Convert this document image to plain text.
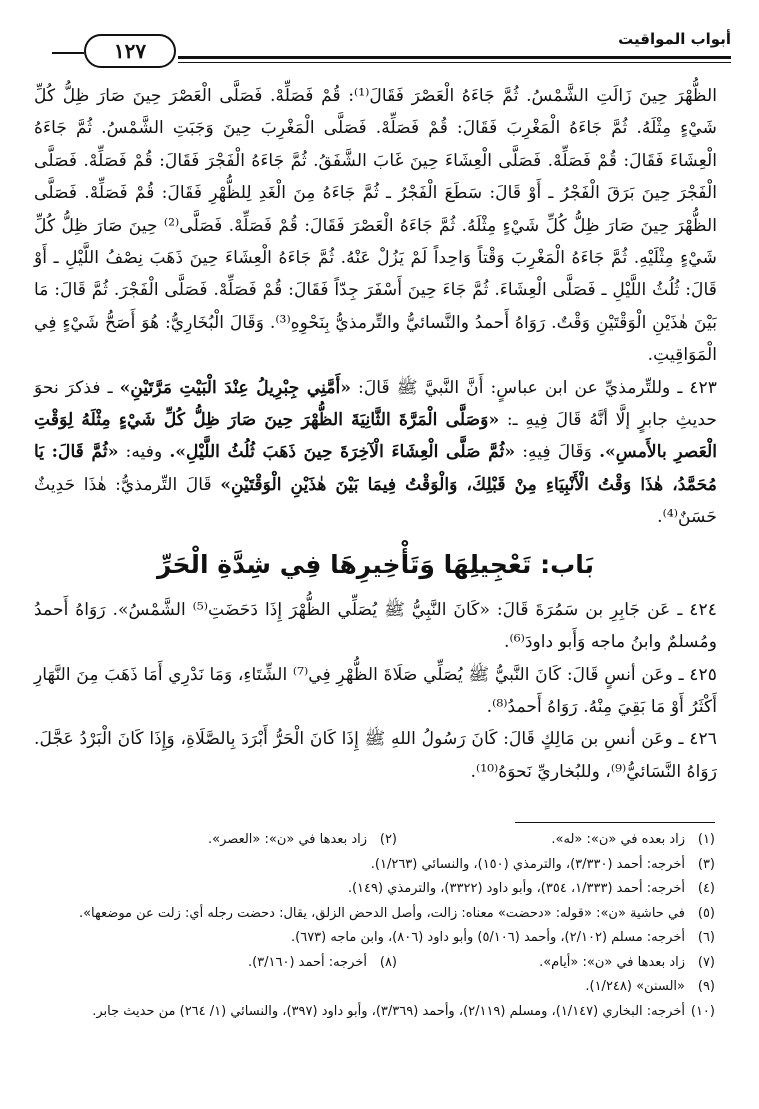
أبواب المواقيت
١٢٧

الظُّهْرَ حِينَ زَالَتِ الشَّمْسُ. ثُمَّ جَاءَهُ الْعَصْرَ فَقَالَ⁽¹⁾: قُمْ فَصَلِّهْ. فَصَلَّى الْعَصْرَ حِينَ صَارَ ظِلُّ كُلِّ شَيْءٍ مِثْلَهُ. ثُمَّ جَاءَهُ الْمَغْرِبَ فَقَالَ: قُمْ فَصَلِّهْ. فَصَلَّى الْمَغْرِبَ حِينَ وَجَبَتِ الشَّمْسُ. ثُمَّ جَاءَهُ الْعِشَاءَ فَقَالَ: قُمْ فَصَلِّهْ. فَصَلَّى الْعِشَاءَ حِينَ غَابَ الشَّفَقُ. ثُمَّ جَاءَهُ الْفَجْرَ فَقَالَ: قُمْ فَصَلِّهْ. فَصَلَّى الْفَجْرَ حِينَ بَرَقَ الْفَجْرُ ـ أَوْ قَالَ: سَطَعَ الْفَجْرُ ـ ثُمَّ جَاءَهُ مِنَ الْغَدِ لِلظُّهْرِ فَقَالَ: قُمْ فَصَلِّهْ. فَصَلَّى الظُّهْرَ حِينَ صَارَ ظِلُّ كُلِّ شَيْءٍ مِثْلَهُ. ثُمَّ جَاءَهُ الْعَصْرَ فَقَالَ: قُمْ فَصَلِّهْ. فَصَلَّى⁽²⁾ حِينَ صَارَ ظِلُّ كُلِّ شَيْءٍ مِثْلَيْهِ. ثُمَّ جَاءَهُ الْمَغْرِبَ وَقْتاً وَاحِداً لَمْ يَزُلْ عَنْهُ. ثُمَّ جَاءَهُ الْعِشَاءَ حِينَ ذَهَبَ نِصْفُ اللَّيْلِ ـ أَوْ قَالَ: ثُلُثُ اللَّيْلِ ـ فَصَلَّى الْعِشَاءَ. ثُمَّ جَاءَ حِينَ أَسْفَرَ جِدّاً فَقَالَ: قُمْ فَصَلِّهْ. فَصَلَّى الْفَجْرَ. ثُمَّ قَالَ: مَا بَيْنَ هٰذَيْنِ الْوَقْتَيْنِ وَقْتٌ. رَوَاهُ أَحمدُ والنَّسائيُّ والتِّرمذيُّ بِنَحْوِهِ⁽³⁾. وَقَالَ الْبُخَارِيُّ: هُوَ أَصَحُّ شَيْءٍ فِي الْمَوَاقِيتِ.

٤٢٣ ـ وللتِّرمذيِّ عن ابن عباسٍ: أَنَّ النَّبيَّ ﷺ قَالَ: «أَمَّنِي جِبْرِيلُ عِنْدَ الْبَيْتِ مَرَّتَيْنِ» ـ فذكرَ نحوَ حديثِ جابرٍ إلَّا أنَّهُ قَالَ فِيهِ ـ: «وَصَلَّى الْمَرَّةَ الثَّانِيَةَ الظُّهْرَ حِينَ صَارَ ظِلُّ كُلِّ شَيْءٍ مِثْلَهُ لِوَقْتِ الْعَصرِ بالأَمسِ». وَقَالَ فِيهِ: «ثُمَّ صَلَّى الْعِشَاءَ الْآخِرَةَ حِينَ ذَهَبَ ثُلُثُ اللَّيْلِ». وفيه: «ثُمَّ قَالَ: يَا مُحَمَّدُ، هٰذَا وَقْتُ الْأَنْبِيَاءِ مِنْ قَبْلِكَ، وَالْوَقْتُ فِيمَا بَيْنَ هٰذَيْنِ الْوَقْتَيْنِ» قَالَ التِّرمذيُّ: هٰذَا حَدِيثٌ حَسَنٌ⁽⁴⁾.

بَاب: تَعْجِيلِهَا وَتَأْخِيرِهَا فِي شِدَّةِ الْحَرِّ

٤٢٤ ـ عَن جَابِرِ بن سَمُرَةَ قَالَ: «كَانَ النَّبِيُّ ﷺ يُصَلِّي الظُّهْرَ إِذَا دَحَضَتِ⁽⁵⁾ الشَّمْسُ». رَوَاهُ أَحمدُ ومُسلمٌ وابنُ ماجه وَأَبو داودَ⁽⁶⁾.

٤٢٥ ـ وعَن أنسٍ قَالَ: كَانَ النَّبيُّ ﷺ يُصَلِّي صَلَاةَ الظُّهْرِ فِي⁽⁷⁾ الشِّتَاءِ، وَمَا نَدْرِي أَمَا ذَهَبَ مِنَ النَّهَارِ أَكْثَرُ أَوْ مَا بَقِيَ مِنْهُ. رَوَاهُ أَحمدُ⁽⁸⁾.

٤٢٦ ـ وعَن أنسِ بن مَالِكٍ قَالَ: كَانَ رَسُولُ اللهِ ﷺ إِذَا كَانَ الْحَرُّ أَبْرَدَ بِالصَّلَاةِ، وَإِذَا كَانَ الْبَرْدُ عَجَّلَ. رَوَاهُ النَّسَائيُّ⁽⁹⁾، وللبُخاريِّ نَحوَهُ⁽¹⁰⁾.

(١)
زاد بعده في «ن»: «له».
(٢)
زاد بعدها في «ن»: «العصر».
(٣)
أخرجه: أحمد (٣/٣٣٠)، والترمذي (١٥٠)، والنسائي (١/٢٦٣).
(٤)
أخرجه: أحمد (١/٣٣٣، ٣٥٤)، وأبو داود (٣٣٢٢)، والترمذي (١٤٩).
(٥)
في حاشية «ن»: «قوله: «دحضت» معناه: زالت، وأصل الدحض الزلق، يقال: دحضت رجله أي: زلت عن موضعها».
(٦)
أخرجه: مسلم (٢/١٠٢)، وأحمد (٥/١٠٦) وأبو داود (٨٠٦)، وابن ماجه (٦٧٣).
(٧)
زاد بعدها في «ن»: «أيام».
(٨)
أخرجه: أحمد (٣/١٦٠).
(٩)
«السنن» (١/٢٤٨).
(١٠)
أخرجه: البخاري (١/١٤٧)، ومسلم (٢/١١٩)، وأحمد (٣/٣٦٩)، وأبو داود (٣٩٧)، والنسائي (١/ ٢٦٤) من حديث جابر.
